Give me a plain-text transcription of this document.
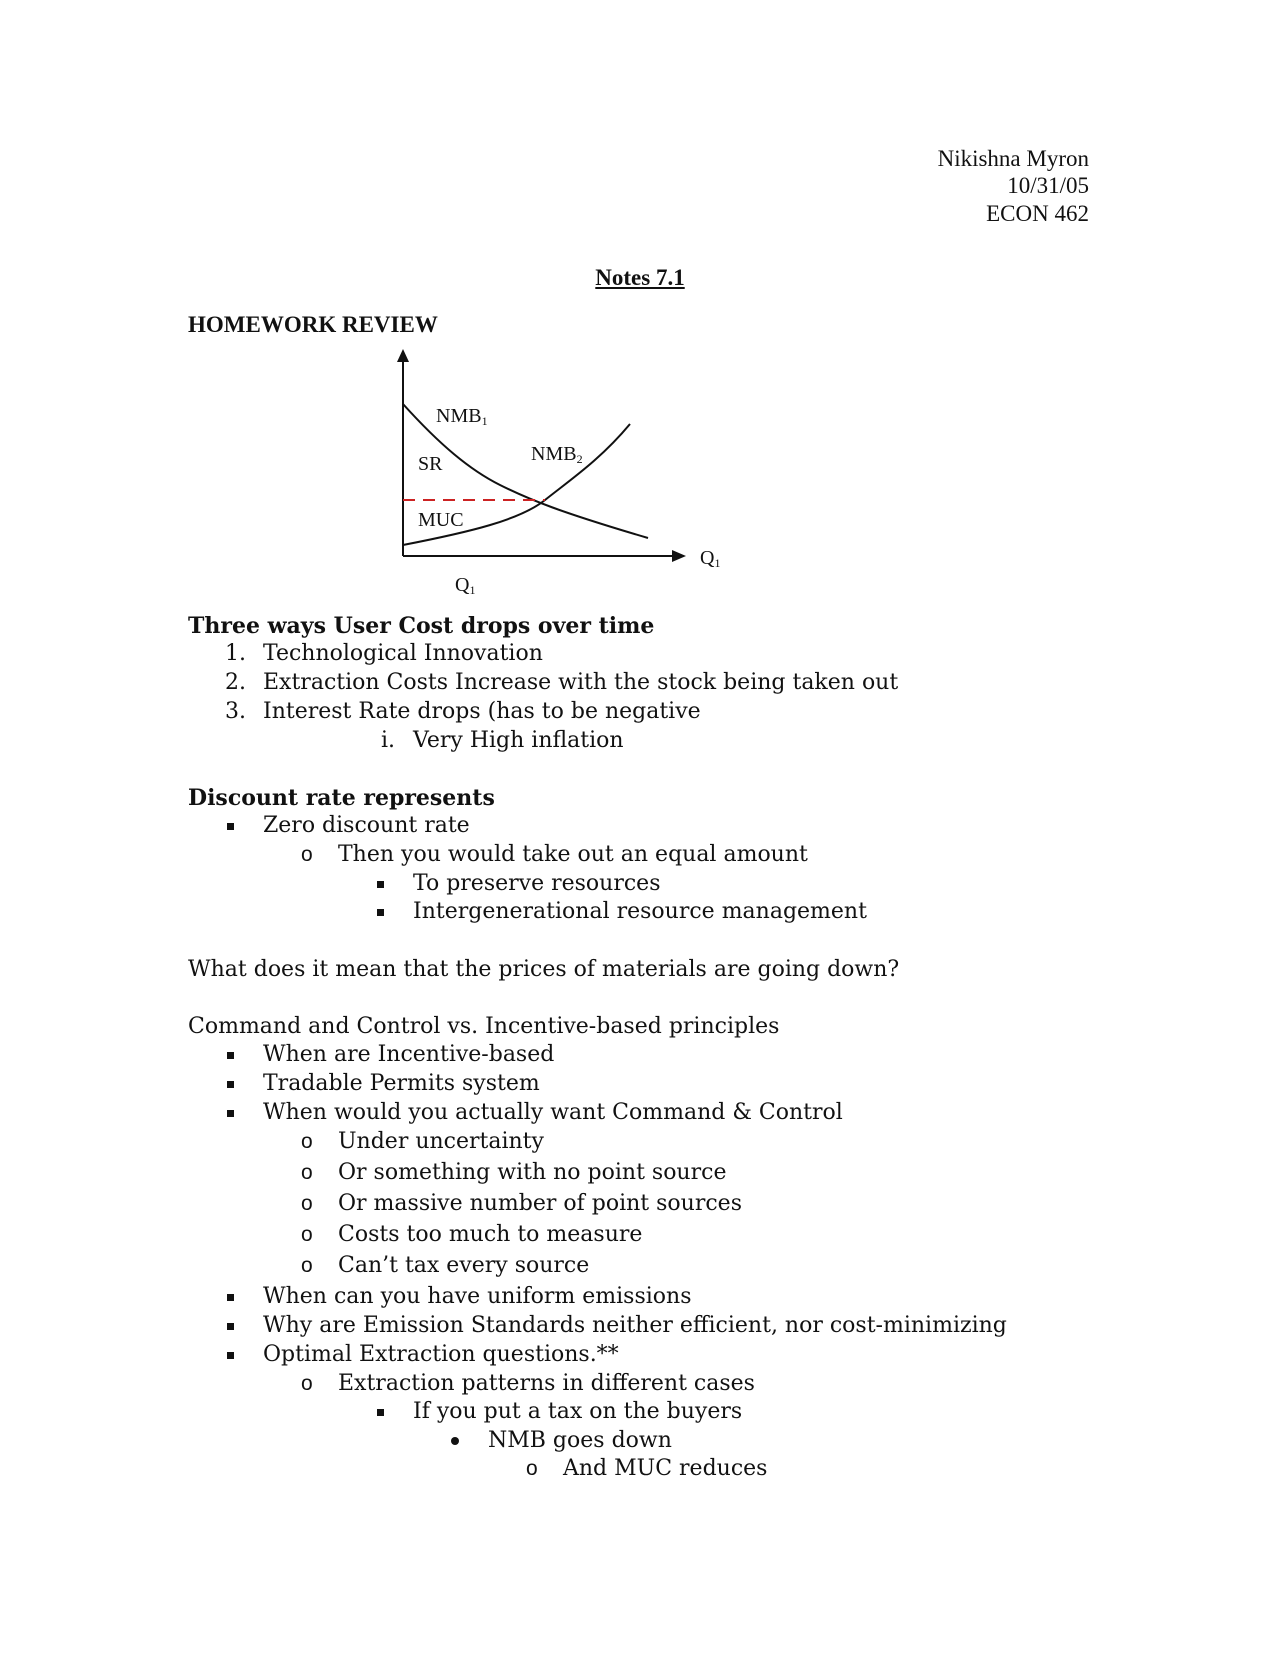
Nikishna Myron
10/31/05
ECON 462
Notes 7.1
HOMEWORK REVIEW
NMB1
NMB2
SR
MUC
Q1
Q1
Three ways User Cost drops over time
1. Technological Innovation
2. Extraction Costs Increase with the stock being taken out
3. Interest Rate drops (has to be negative
i. Very High inflation
Discount rate represents
Zero discount rate
o Then you would take out an equal amount
To preserve resources
Intergenerational resource management
What does it mean that the prices of materials are going down?
Command and Control vs. Incentive-based principles
When are Incentive-based
Tradable Permits system
When would you actually want Command & Control
o Under uncertainty
o Or something with no point source
o Or massive number of point sources
o Costs too much to measure
o Can’t tax every source
When can you have uniform emissions
Why are Emission Standards neither efficient, nor cost-minimizing
Optimal Extraction questions.**
o Extraction patterns in different cases
If you put a tax on the buyers
NMB goes down
o And MUC reduces
